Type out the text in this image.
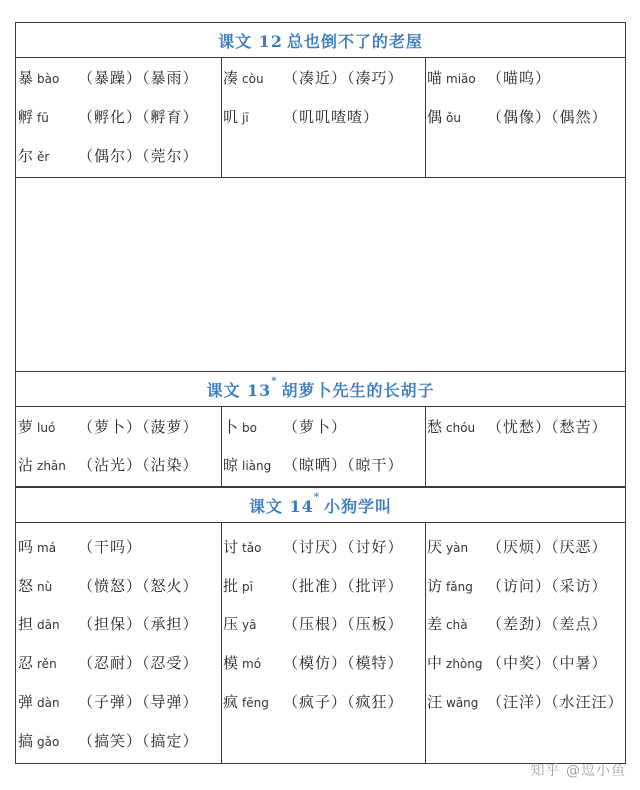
课文 12 总也倒不了的老屋
暴 bào （暴躁）（暴雨）
孵 fū （孵化）（孵育）
尔 ěr （偶尔）（莞尔）
凑 còu （凑近）（凑巧）
叽 jī （叽叽喳喳）
喵 miāo （喵呜）
偶 ǒu （偶像）（偶然）
课文 13* 胡萝卜先生的长胡子
萝 luó （萝卜）（菠萝）
沾 zhān （沾光）（沾染）
卜 bo （萝卜）
晾 liàng （晾晒）（晾干）
愁 chóu （忧愁）（愁苦）
课文 14* 小狗学叫
吗 má （干吗）
怒 nù （愤怒）（怒火）
担 dān （担保）（承担）
忍 rěn （忍耐）（忍受）
弹 dàn （子弹）（导弹）
搞 gǎo （搞笑）（搞定）
讨 tǎo （讨厌）（讨好）
批 pī （批准）（批评）
压 yā （压根）（压板）
模 mó （模仿）（模特）
疯 fēng （疯子）（疯狂）
厌 yàn （厌烦）（厌恶）
访 fǎng （访问）（采访）
差 chà （差劲）（差点）
中 zhòng （中奖）（中暑）
汪 wāng （汪洋）（水汪汪）
知乎 @逗小鱼
